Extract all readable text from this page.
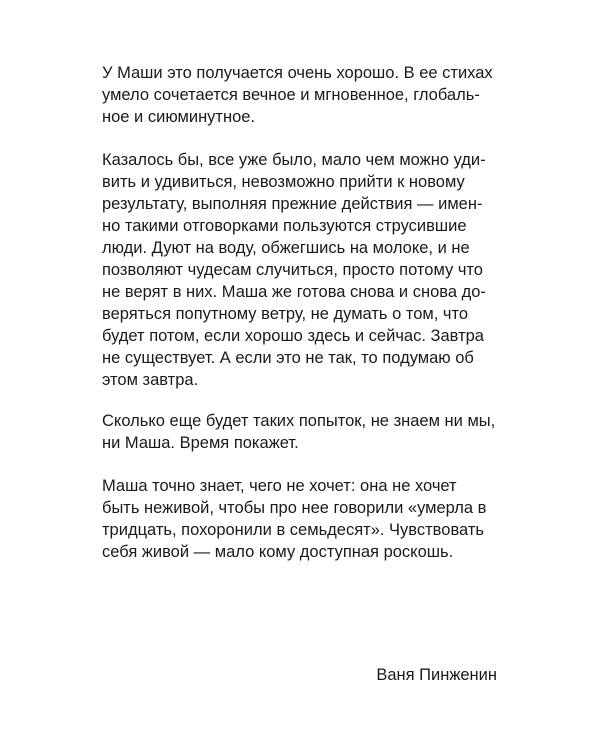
У Маши это получается очень хорошо. В ее стихах
умело сочетается вечное и мгновенное, глобаль-
ное и сиюминутное.

Казалось бы, все уже было, мало чем можно уди-
вить и удивиться, невозможно прийти к новому
результату, выполняя прежние действия — имен-
но такими отговорками пользуются струсившие
люди. Дуют на воду, обжегшись на молоке, и не
позволяют чудесам случиться, просто потому что
не верят в них. Маша же готова снова и снова до-
веряться попутному ветру, не думать о том, что
будет потом, если хорошо здесь и сейчас. Завтра
не существует. А если это не так, то подумаю об
этом завтра.

Сколько еще будет таких попыток, не знаем ни мы,
ни Маша. Время покажет.

Маша точно знает, чего не хочет: она не хочет
быть неживой, чтобы про нее говорили «умерла в
тридцать, похоронили в семьдесят». Чувствовать
себя живой — мало кому доступная роскошь.

Ваня Пинженин
